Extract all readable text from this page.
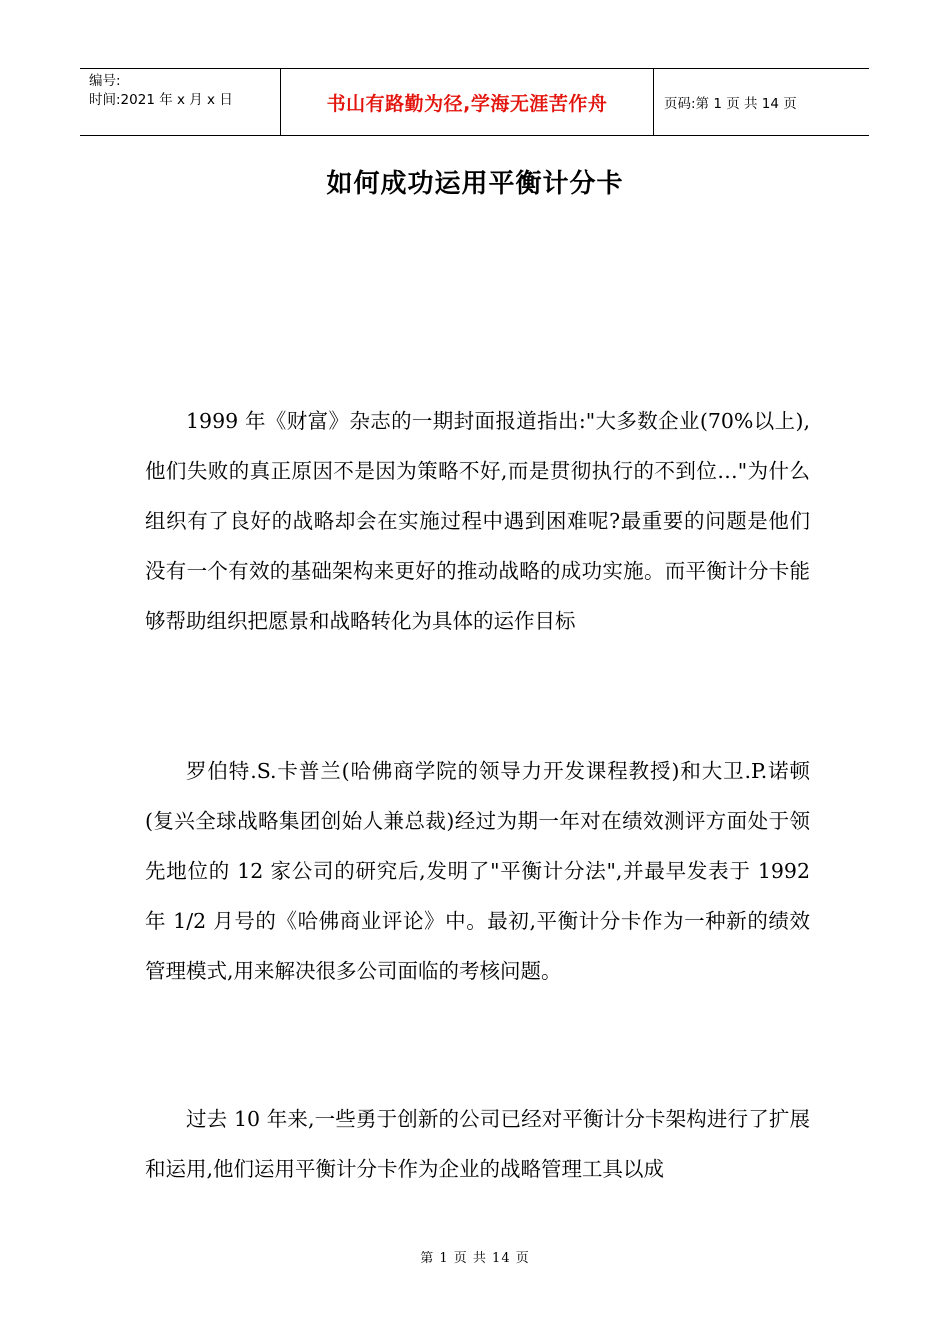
编号:
时间:2021 年 x 月 x 日	书山有路勤为径,学海无涯苦作舟	页码:第 1 页 共 14 页
如何成功运用平衡计分卡

1999 年《财富》杂志的一期封面报道指出:"大多数企业(70%以上),他们失败的真正原因不是因为策略不好,而是贯彻执行的不到位…"为什么组织有了良好的战略却会在实施过程中遇到困难呢?最重要的问题是他们没有一个有效的基础架构来更好的推动战略的成功实施。而平衡计分卡能够帮助组织把愿景和战略转化为具体的运作目标

罗伯特.S.卡普兰(哈佛商学院的领导力开发课程教授)和大卫.P.诺顿(复兴全球战略集团创始人兼总裁)经过为期一年对在绩效测评方面处于领先地位的 12 家公司的研究后,发明了"平衡计分法",并最早发表于 1992 年 1/2 月号的《哈佛商业评论》中。最初,平衡计分卡作为一种新的绩效管理模式,用来解决很多公司面临的考核问题。

过去 10 年来,一些勇于创新的公司已经对平衡计分卡架构进行了扩展和运用,他们运用平衡计分卡作为企业的战略管理工具以成

第 1 页 共 14 页
